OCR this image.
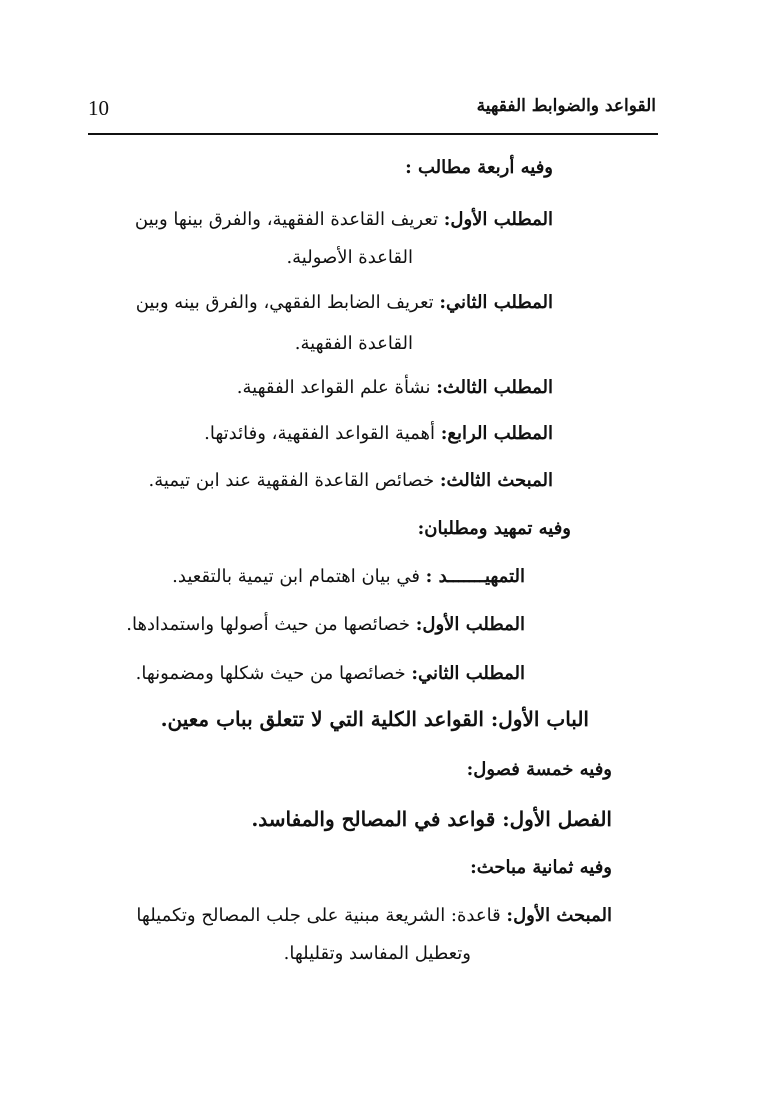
10	القواعد والضوابط الفقهية
وفيه أربعة مطالب :
المطلب الأول: تعريف القاعدة الفقهية، والفرق بينها وبين
القاعدة الأصولية.
المطلب الثاني: تعريف الضابط الفقهي، والفرق بينه وبين
القاعدة الفقهية.
المطلب الثالث: نشأة علم القواعد الفقهية.
المطلب الرابع: أهمية القواعد الفقهية، وفائدتها.
المبحث الثالث: خصائص القاعدة الفقهية عند ابن تيمية.
وفيه تمهيد ومطلبان:
التمهيـــــــد : في بيان اهتمام ابن تيمية بالتقعيد.
المطلب الأول: خصائصها من حيث أصولها واستمدادها.
المطلب الثاني: خصائصها من حيث شكلها ومضمونها.
الباب الأول: القواعد الكلية التي لا تتعلق بباب معين.
وفيه خمسة فصول:
الفصل الأول: قواعد في المصالح والمفاسد.
وفيه ثمانية مباحث:
المبحث الأول: قاعدة: الشريعة مبنية على جلب المصالح وتكميلها
وتعطيل المفاسد وتقليلها.
